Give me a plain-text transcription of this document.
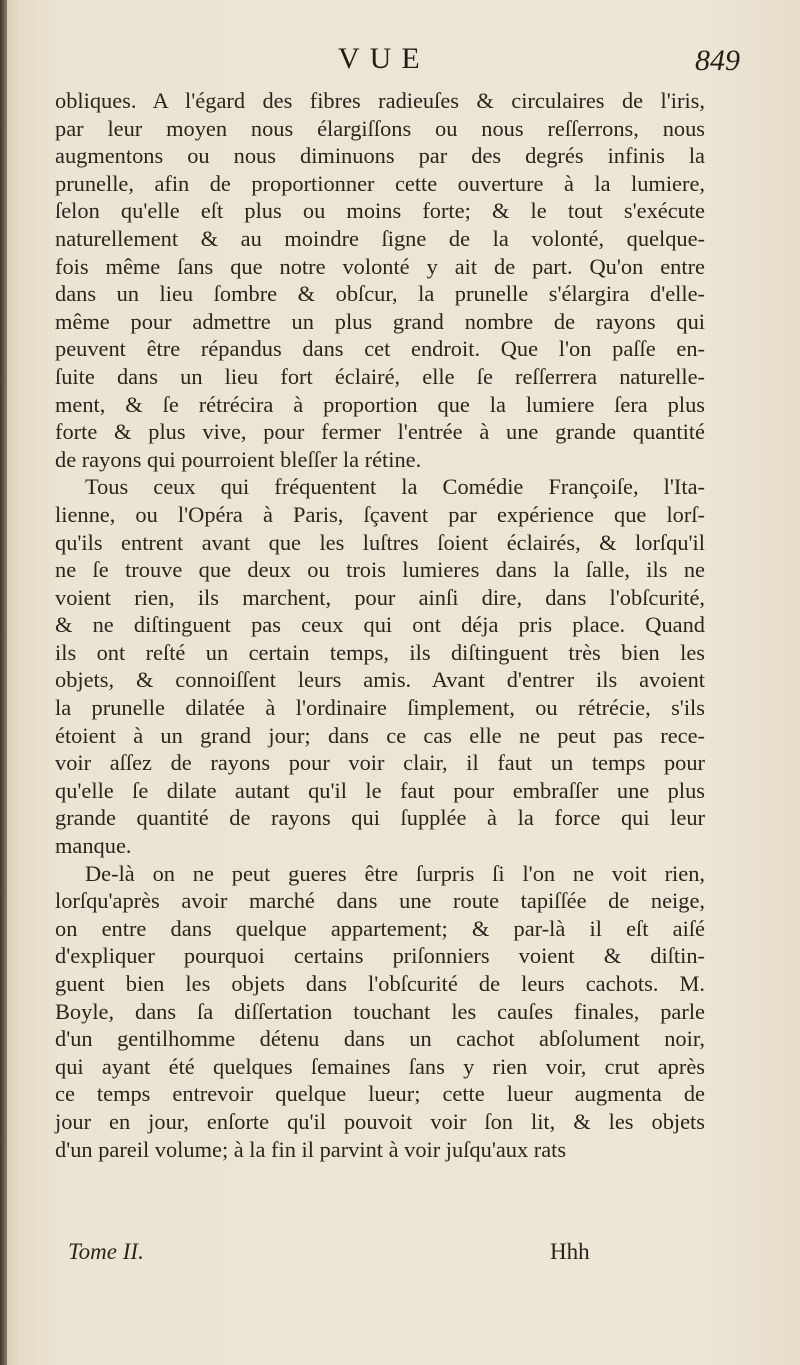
VUE	849
obliques. A l'égard des fibres radieuſes & circulaires de l'iris,
par leur moyen nous élargiſſons ou nous reſſerrons, nous
augmentons ou nous diminuons par des degrés infinis la
prunelle, afin de proportionner cette ouverture à la lumiere,
ſelon qu'elle eſt plus ou moins forte; & le tout s'exécute
naturellement & au moindre ſigne de la volonté, quelque-
fois même ſans que notre volonté y ait de part. Qu'on entre
dans un lieu ſombre & obſcur, la prunelle s'élargira d'elle-
même pour admettre un plus grand nombre de rayons qui
peuvent être répandus dans cet endroit. Que l'on paſſe en-
ſuite dans un lieu fort éclairé, elle ſe reſſerrera naturelle-
ment, & ſe rétrécira à proportion que la lumiere ſera plus
forte & plus vive, pour fermer l'entrée à une grande quantité
de rayons qui pourroient bleſſer la rétine.
Tous ceux qui fréquentent la Comédie Françoiſe, l'Ita-
lienne, ou l'Opéra à Paris, ſçavent par expérience que lorſ-
qu'ils entrent avant que les luſtres ſoient éclairés, & lorſqu'il
ne ſe trouve que deux ou trois lumieres dans la ſalle, ils ne
voient rien, ils marchent, pour ainſi dire, dans l'obſcurité,
& ne diſtinguent pas ceux qui ont déja pris place. Quand
ils ont reſté un certain temps, ils diſtinguent très bien les
objets, & connoiſſent leurs amis. Avant d'entrer ils avoient
la prunelle dilatée à l'ordinaire ſimplement, ou rétrécie, s'ils
étoient à un grand jour; dans ce cas elle ne peut pas rece-
voir aſſez de rayons pour voir clair, il faut un temps pour
qu'elle ſe dilate autant qu'il le faut pour embraſſer une plus
grande quantité de rayons qui ſupplée à la force qui leur
manque.
De-là on ne peut gueres être ſurpris ſi l'on ne voit rien,
lorſqu'après avoir marché dans une route tapiſſée de neige,
on entre dans quelque appartement; & par-là il eſt aiſé
d'expliquer pourquoi certains priſonniers voient & diſtin-
guent bien les objets dans l'obſcurité de leurs cachots. M.
Boyle, dans ſa diſſertation touchant les cauſes finales, parle
d'un gentilhomme détenu dans un cachot abſolument noir,
qui ayant été quelques ſemaines ſans y rien voir, crut après
ce temps entrevoir quelque lueur; cette lueur augmenta de
jour en jour, enſorte qu'il pouvoit voir ſon lit, & les objets
d'un pareil volume; à la fin il parvint à voir juſqu'aux rats
Tome II.	Hhh
